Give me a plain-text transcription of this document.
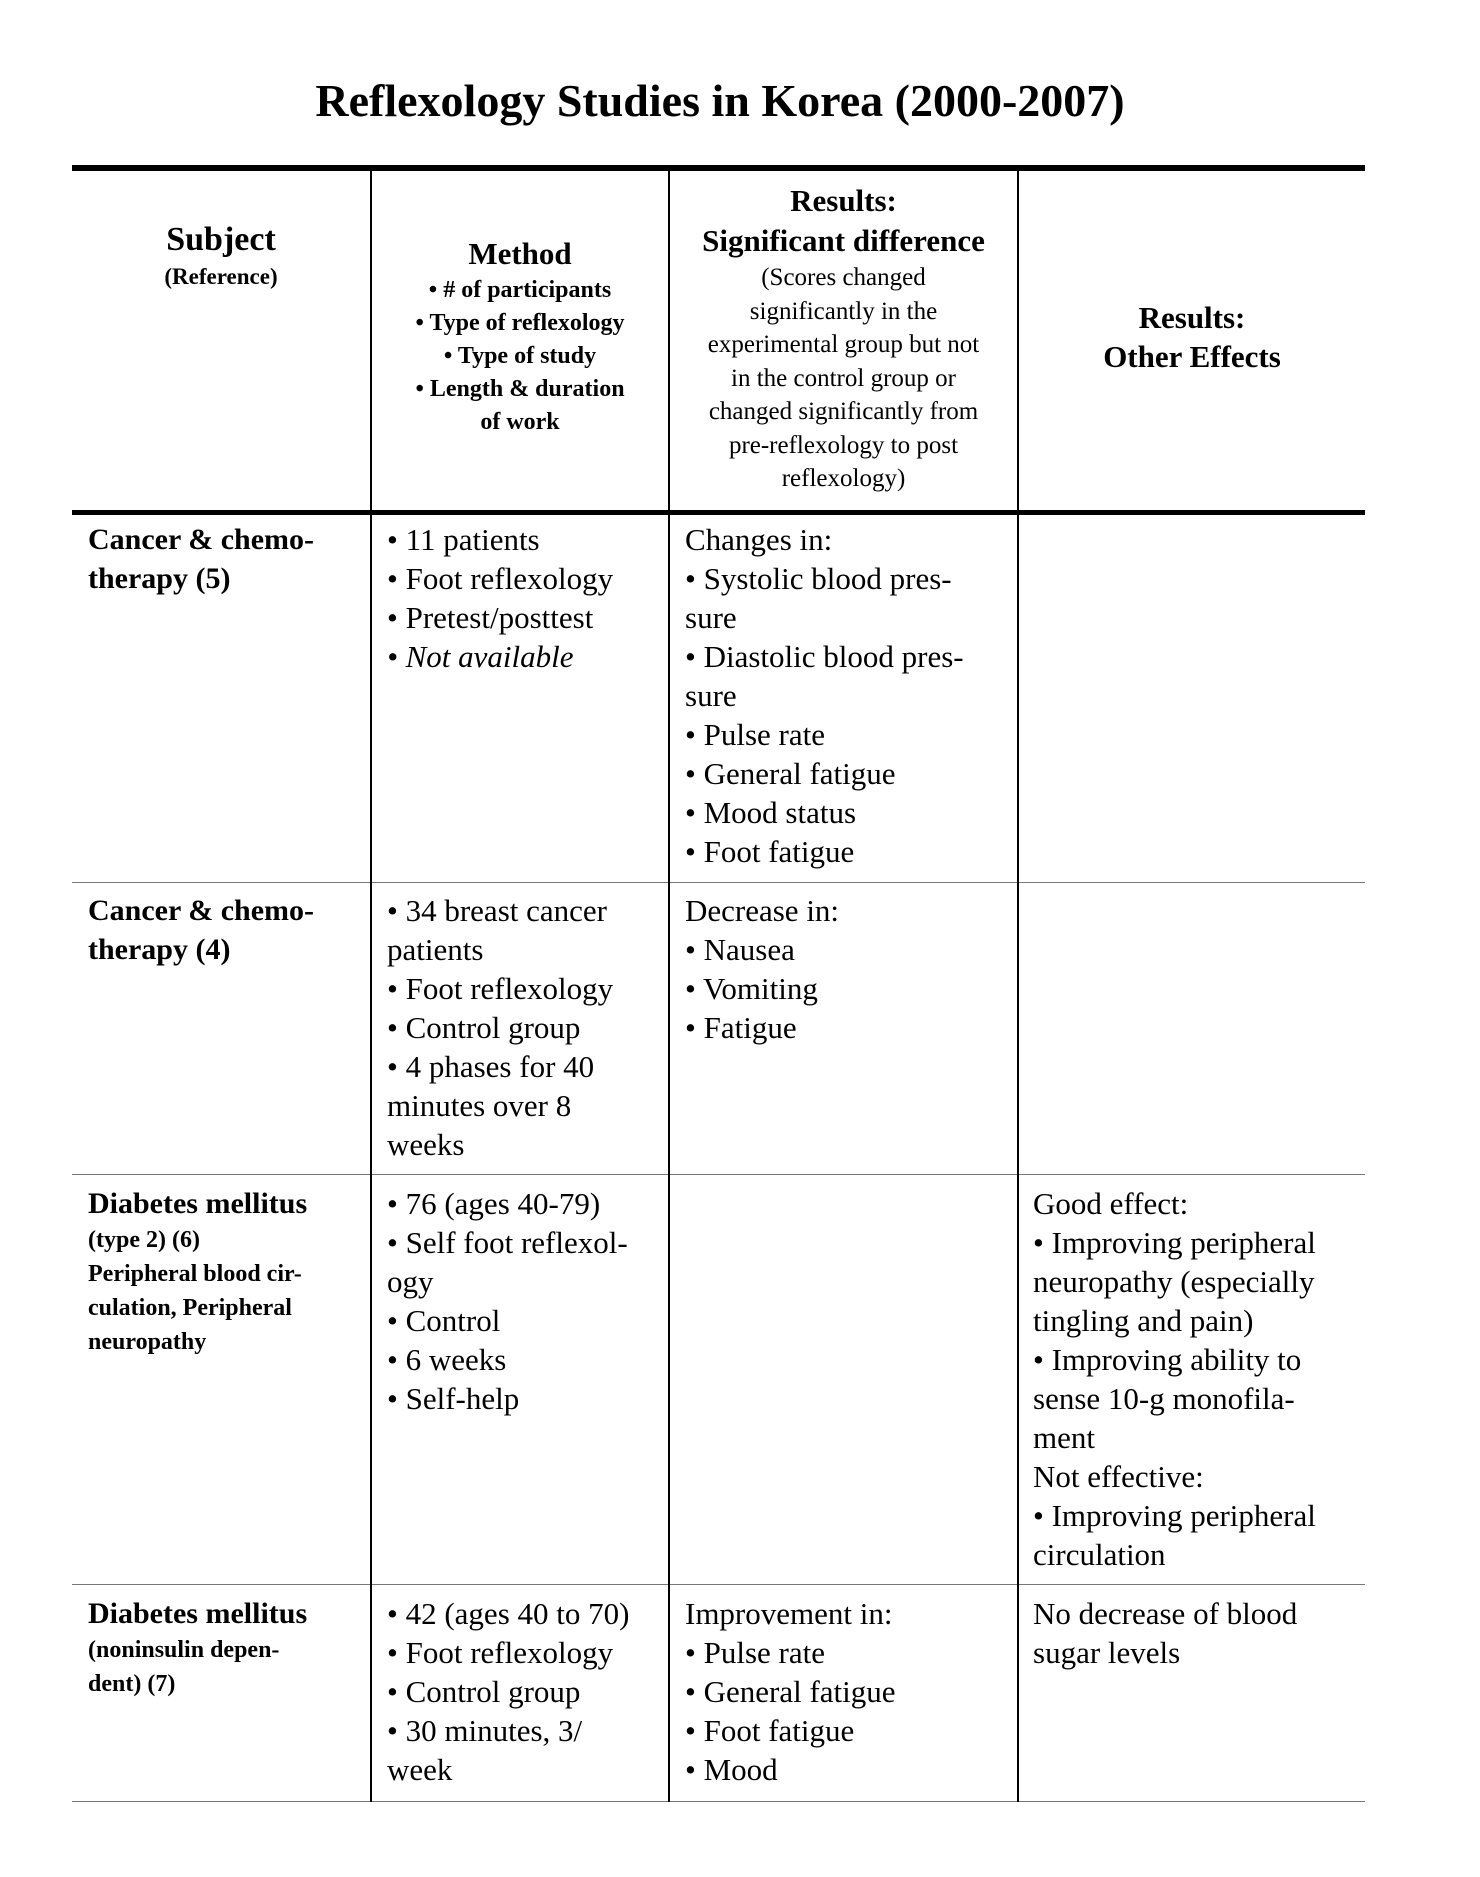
Reflexology Studies in Korea (2000-2007)
Subject
(Reference)
Method
• # of participants
• Type of reflexology
• Type of study
• Length & duration
of work
Results:
Significant difference
(Scores changed
significantly in the
experimental group but not
in the control group or
changed significantly from
pre-reflexology to post
reflexology)
Results:
Other Effects
Cancer & chemo-
therapy (5)
• 11 patients
• Foot reflexology
• Pretest/posttest
• Not available
Changes in:
• Systolic blood pres-
sure
• Diastolic blood pres-
sure
• Pulse rate
• General fatigue
• Mood status
• Foot fatigue
Cancer & chemo-
therapy (4)
• 34 breast cancer
patients
• Foot reflexology
• Control group
• 4 phases for 40
minutes over 8
weeks
Decrease in:
• Nausea
• Vomiting
• Fatigue
Diabetes mellitus
(type 2) (6)
Peripheral blood cir-
culation, Peripheral
neuropathy
• 76 (ages 40-79)
• Self foot reflexol-
ogy
• Control
• 6 weeks
• Self-help
Good effect:
• Improving peripheral
neuropathy (especially
tingling and pain)
• Improving ability to
sense 10-g monofila-
ment
Not effective:
• Improving peripheral
circulation
Diabetes mellitus
(noninsulin depen-
dent) (7)
• 42 (ages 40 to 70)
• Foot reflexology
• Control group
• 30 minutes, 3/
week
Improvement in:
• Pulse rate
• General fatigue
• Foot fatigue
• Mood
No decrease of blood
sugar levels
